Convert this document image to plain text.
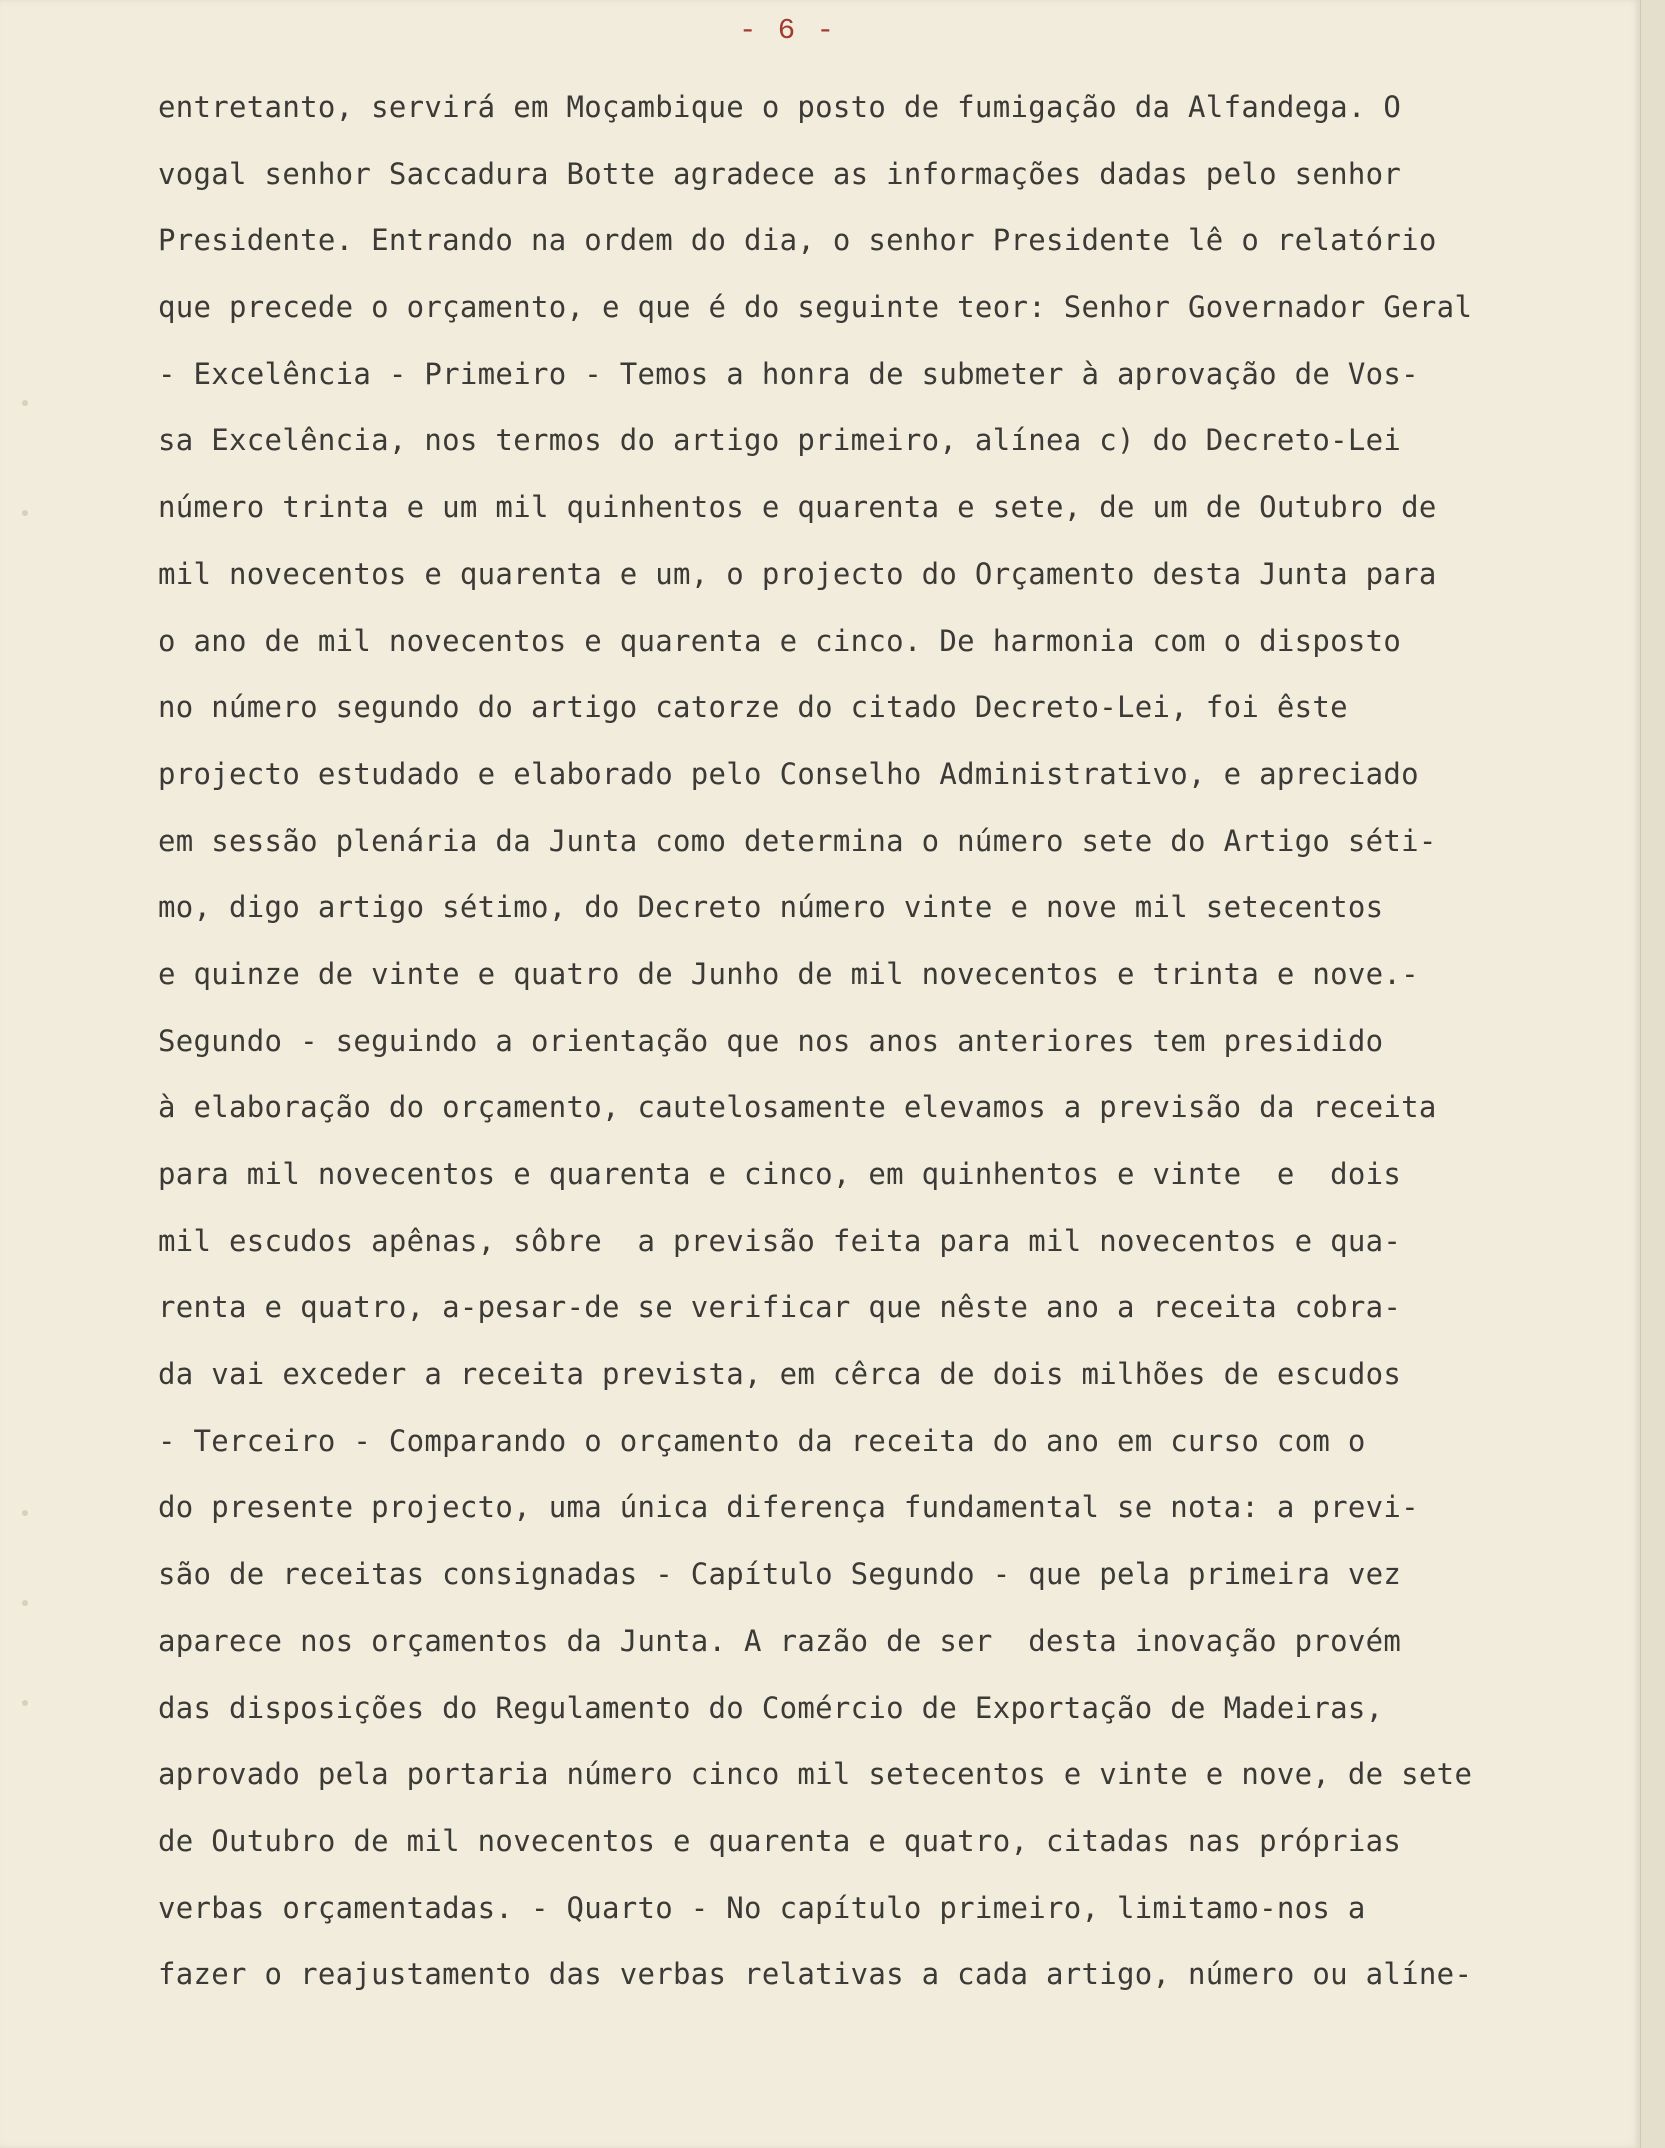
- 6 -
entretanto, servirá em Moçambique o posto de fumigação da Alfandega. O
vogal senhor Saccadura Botte agradece as informações dadas pelo senhor
Presidente. Entrando na ordem do dia, o senhor Presidente lê o relatório
que precede o orçamento, e que é do seguinte teor: Senhor Governador Geral
- Excelência - Primeiro - Temos a honra de submeter à aprovação de Vos-
sa Excelência, nos termos do artigo primeiro, alínea c) do Decreto-Lei
número trinta e um mil quinhentos e quarenta e sete, de um de Outubro de
mil novecentos e quarenta e um, o projecto do Orçamento desta Junta para
o ano de mil novecentos e quarenta e cinco. De harmonia com o disposto
no número segundo do artigo catorze do citado Decreto-Lei, foi êste
projecto estudado e elaborado pelo Conselho Administrativo, e apreciado
em sessão plenária da Junta como determina o número sete do Artigo séti-
mo, digo artigo sétimo, do Decreto número vinte e nove mil setecentos
e quinze de vinte e quatro de Junho de mil novecentos e trinta e nove.-
Segundo - seguindo a orientação que nos anos anteriores tem presidido
à elaboração do orçamento, cautelosamente elevamos a previsão da receita
para mil novecentos e quarenta e cinco, em quinhentos e vinte  e  dois
mil escudos apênas, sôbre  a previsão feita para mil novecentos e qua-
renta e quatro, a-pesar-de se verificar que nêste ano a receita cobra-
da vai exceder a receita prevista, em cêrca de dois milhões de escudos
- Terceiro - Comparando o orçamento da receita do ano em curso com o
do presente projecto, uma única diferença fundamental se nota: a previ-
são de receitas consignadas - Capítulo Segundo - que pela primeira vez
aparece nos orçamentos da Junta. A razão de ser  desta inovação provém
das disposições do Regulamento do Comércio de Exportação de Madeiras,
aprovado pela portaria número cinco mil setecentos e vinte e nove, de sete
de Outubro de mil novecentos e quarenta e quatro, citadas nas próprias
verbas orçamentadas. - Quarto - No capítulo primeiro, limitamo-nos a
fazer o reajustamento das verbas relativas a cada artigo, número ou alíne-
